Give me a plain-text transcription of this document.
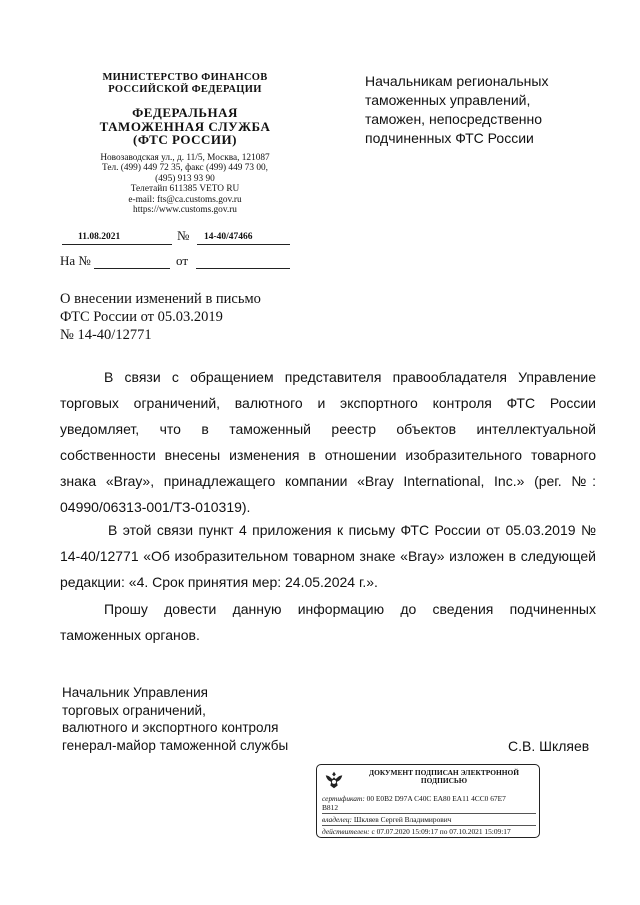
МИНИСТЕРСТВО ФИНАНСОВ
РОССИЙСКОЙ ФЕДЕРАЦИИ
ФЕДЕРАЛЬНАЯ
ТАМОЖЕННАЯ СЛУЖБА
(ФТС РОССИИ)
Новозаводская ул., д. 11/5, Москва, 121087
Тел. (499) 449 72 35, факс (499) 449 73 00,
(495) 913 93 90
Телетайп 611385 VETO RU
e-mail: fts@ca.customs.gov.ru
https://www.customs.gov.ru
11.08.2021	№ 14-40/47466
На №	от
Начальникам региональных
таможенных управлений,
таможен, непосредственно
подчиненных ФТС России
О внесении изменений в письмо
ФТС России от 05.03.2019
№ 14-40/12771
В связи с обращением представителя правообладателя Управление торговых ограничений, валютного и экспортного контроля ФТС России уведомляет, что в таможенный реестр объектов интеллектуальной собственности внесены изменения в отношении изобразительного товарного знака «Bray», принадлежащего компании «Bray International, Inc.» (рег. №: 04990/06313-001/ТЗ-010319).
В этой связи пункт 4 приложения к письму ФТС России от 05.03.2019 № 14-40/12771 «Об изобразительном товарном знаке «Bray» изложен в следующей редакции: «4. Срок принятия мер: 24.05.2024 г.».
Прошу довести данную информацию до сведения подчиненных таможенных органов.
Начальник Управления
торговых ограничений,
валютного и экспортного контроля
генерал-майор таможенной службы	С.В. Шкляев
ДОКУМЕНТ ПОДПИСАН ЭЛЕКТРОННОЙ
ПОДПИСЬЮ
сертификат: 00 E0B2 D97A C40C EA80 EA11 4CC0 67E7
B812
владелец: Шкляев Сергей Владимирович
действителен: с 07.07.2020 15:09:17 по 07.10.2021 15:09:17
